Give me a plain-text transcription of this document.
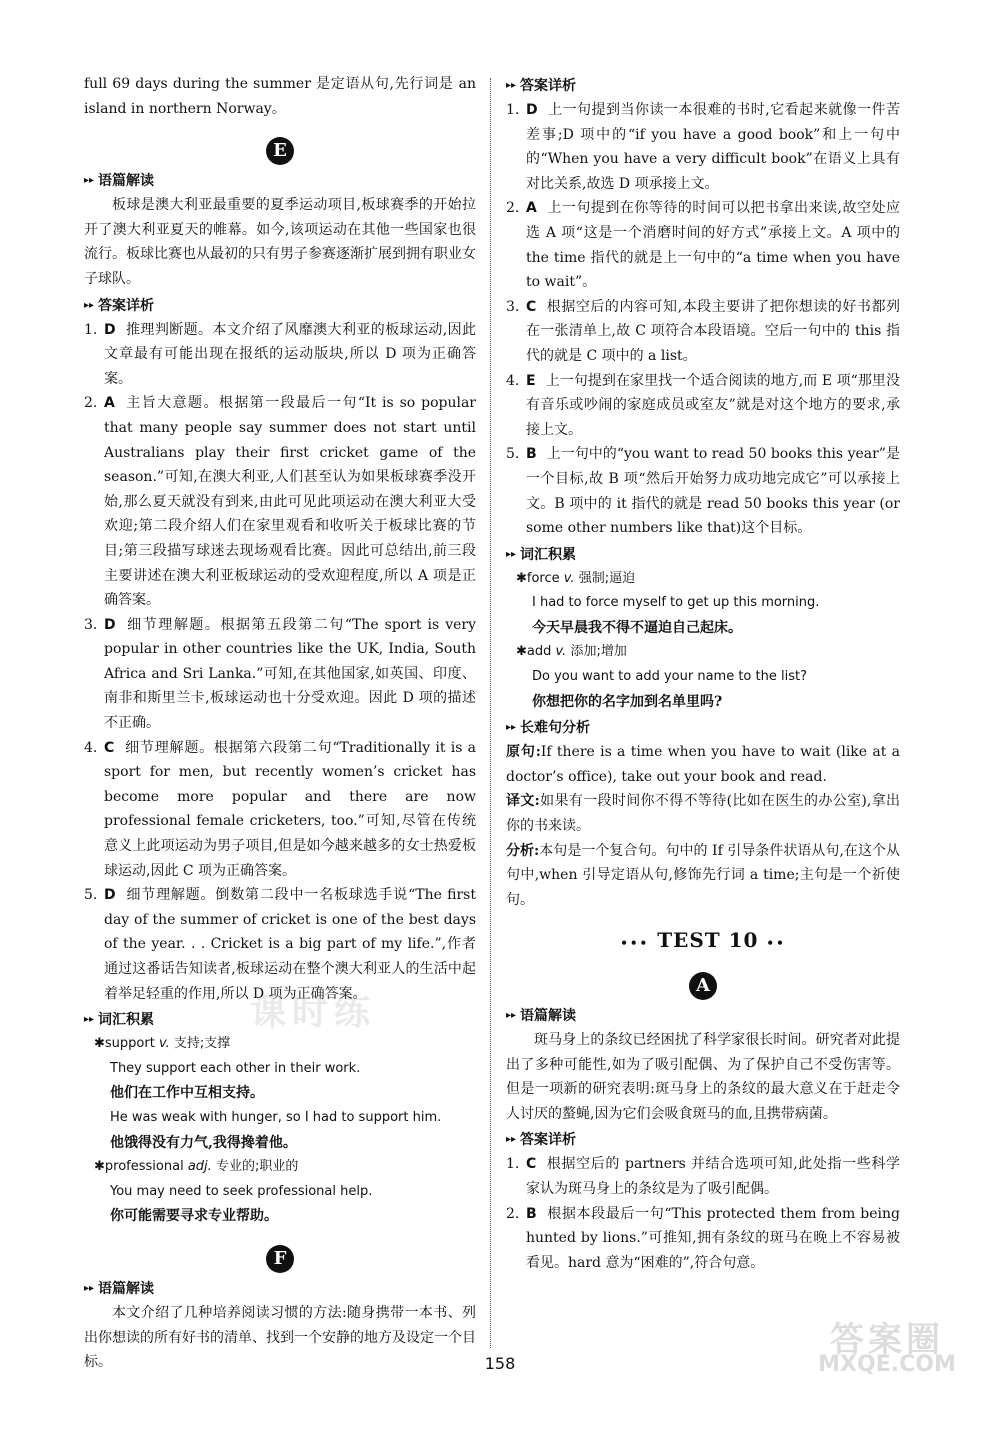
full 69 days during the summer 是定语从句,先行词是 an island in northern Norway。

E
▸▸ 语篇解读

板球是澳大利亚最重要的夏季运动项目,板球赛季的开始拉开了澳大利亚夏天的帷幕。如今,该项运动在其他一些国家也很流行。板球比赛也从最初的只有男子参赛逐渐扩展到拥有职业女子球队。

▸▸ 答案详析
1. D 推理判断题。本文介绍了风靡澳大利亚的板球运动,因此文章最有可能出现在报纸的运动版块,所以 D 项为正确答案。
2. A 主旨大意题。根据第一段最后一句“It is so popular that many people say summer does not start until Australians play their first cricket game of the season.”可知,在澳大利亚,人们甚至认为如果板球赛季没开始,那么夏天就没有到来,由此可见此项运动在澳大利亚大受欢迎;第二段介绍人们在家里观看和收听关于板球比赛的节目;第三段描写球迷去现场观看比赛。因此可总结出,前三段主要讲述在澳大利亚板球运动的受欢迎程度,所以 A 项是正确答案。
3. D 细节理解题。根据第五段第二句“The sport is very popular in other countries like the UK, India, South Africa and Sri Lanka.”可知,在其他国家,如英国、印度、南非和斯里兰卡,板球运动也十分受欢迎。因此 D 项的描述不正确。
4. C 细节理解题。根据第六段第二句“Traditionally it is a sport for men, but recently women’s cricket has become more popular and there are now professional female cricketers, too.”可知,尽管在传统意义上此项运动为男子项目,但是如今越来越多的女士热爱板球运动,因此 C 项为正确答案。
5. D 细节理解题。倒数第二段中一名板球选手说“The first day of the summer of cricket is one of the best days of the year. . . Cricket is a big part of my life.”,作者通过这番话告知读者,板球运动在整个澳大利亚人的生活中起着举足轻重的作用,所以 D 项为正确答案。
▸▸ 词汇积累
✱support v. 支持;支撑
They support each other in their work.
他们在工作中互相支持。
He was weak with hunger, so I had to support him.
他饿得没有力气,我得搀着他。
✱professional adj. 专业的;职业的
You may need to seek professional help.
你可能需要寻求专业帮助。
F
▸▸ 语篇解读

本文介绍了几种培养阅读习惯的方法:随身携带一本书、列出你想读的所有好书的清单、找到一个安静的地方及设定一个目标。

▸▸ 答案详析
1. D 上一句提到当你读一本很难的书时,它看起来就像一件苦差事;D 项中的“if you have a good book”和上一句中的“When you have a very difficult book”在语义上具有对比关系,故选 D 项承接上文。
2. A 上一句提到在你等待的时间可以把书拿出来读,故空处应选 A 项“这是一个消磨时间的好方式”承接上文。A 项中的 the time 指代的就是上一句中的“a time when you have to wait”。
3. C 根据空后的内容可知,本段主要讲了把你想读的好书都列在一张清单上,故 C 项符合本段语境。空后一句中的 this 指代的就是 C 项中的 a list。
4. E 上一句提到在家里找一个适合阅读的地方,而 E 项“那里没有音乐或吵闹的家庭成员或室友”就是对这个地方的要求,承接上文。
5. B 上一句中的“you want to read 50 books this year”是一个目标,故 B 项“然后开始努力成功地完成它”可以承接上文。B 项中的 it 指代的就是 read 50 books this year (or some other numbers like that)这个目标。
▸▸ 词汇积累
✱force v. 强制;逼迫
I had to force myself to get up this morning.
今天早晨我不得不逼迫自己起床。
✱add v. 添加;增加
Do you want to add your name to the list?
你想把你的名字加到名单里吗?
▸▸ 长难句分析

原句:If there is a time when you have to wait (like at a doctor’s office), take out your book and read.

译文:如果有一段时间你不得不等待(比如在医生的办公室),拿出你的书来读。

分析:本句是一个复合句。句中的 If 引导条件状语从句,在这个从句中,when 引导定语从句,修饰先行词 a time;主句是一个祈使句。

••• TEST 10 ••
A
▸▸ 语篇解读

斑马身上的条纹已经困扰了科学家很长时间。研究者对此提出了多种可能性,如为了吸引配偶、为了保护自己不受伤害等。但是一项新的研究表明:斑马身上的条纹的最大意义在于赶走令人讨厌的螯蝇,因为它们会吸食斑马的血,且携带病菌。

▸▸ 答案详析
1. C 根据空后的 partners 并结合选项可知,此处指一些科学家认为斑马身上的条纹是为了吸引配偶。
2. B 根据本段最后一句“This protected them from being hunted by lions.”可推知,拥有条纹的斑马在晚上不容易被看见。hard 意为“困难的”,符合句意。
课时练
158
答案圈
MXQE.COM
